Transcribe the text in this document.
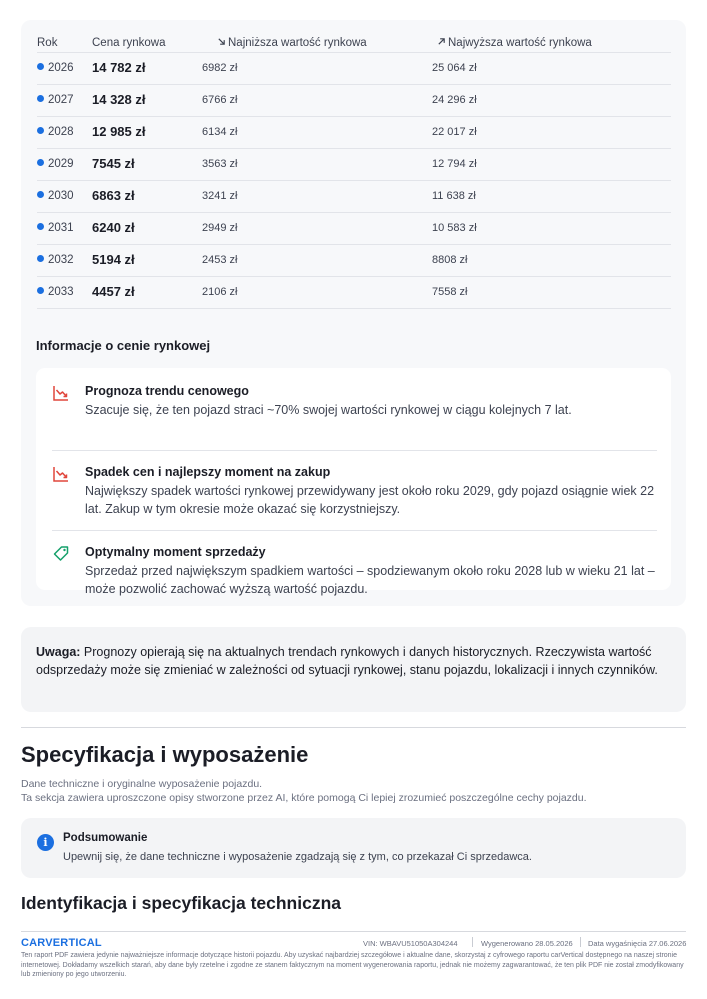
Rok	Cena rynkowa	Najniższa wartość rynkowa	Najwyższa wartość rynkowa
2026 14 782 zł	6982 zł	25 064 zł
2027 14 328 zł	6766 zł	24 296 zł
2028 12 985 zł	6134 zł	22 017 zł
2029 7545 zł	3563 zł	12 794 zł
2030 6863 zł	3241 zł	11 638 zł
2031 6240 zł	2949 zł	10 583 zł
2032 5194 zł	2453 zł	8808 zł
2033 4457 zł	2106 zł	7558 zł
Informacje o cenie rynkowej
Prognoza trendu cenowego
Szacuje się, że ten pojazd straci ~70% swojej wartości rynkowej w ciągu kolejnych 7 lat.
Spadek cen i najlepszy moment na zakup
Największy spadek wartości rynkowej przewidywany jest około roku 2029, gdy pojazd osiągnie wiek 22 lat. Zakup w tym okresie może okazać się korzystniejszy.
Optymalny moment sprzedaży
Sprzedaż przed największym spadkiem wartości – spodziewanym około roku 2028 lub w wieku 21 lat – może pozwolić zachować wyższą wartość pojazdu.
Uwaga: Prognozy opierają się na aktualnych trendach rynkowych i danych historycznych. Rzeczywista wartość odsprzedaży może się zmieniać w zależności od sytuacji rynkowej, stanu pojazdu, lokalizacji i innych czynników.
Specyfikacja i wyposażenie
Dane techniczne i oryginalne wyposażenie pojazdu.
Ta sekcja zawiera uproszczone opisy stworzone przez AI, które pomogą Ci lepiej zrozumieć poszczególne cechy pojazdu.
i	Podsumowanie
Upewnij się, że dane techniczne i wyposażenie zgadzają się z tym, co przekazał Ci sprzedawca.
Identyfikacja i specyfikacja techniczna
CARVERTICAL	VIN: WBAVU51050A304244	Wygenerowano 28.05.2026 Data wygaśnięcia 27.06.2026
Ten raport PDF zawiera jedynie najważniejsze informacje dotyczące historii pojazdu. Aby uzyskać najbardziej szczegółowe i aktualne dane, skorzystaj z cyfrowego raportu carVertical dostępnego na naszej stronie internetowej. Dokładamy wszelkich starań, aby dane były rzetelne i zgodne ze stanem faktycznym na moment wygenerowania raportu, jednak nie możemy zagwarantować, że ten plik PDF nie został zmodyfikowany lub zmieniony po jego utworzeniu.
